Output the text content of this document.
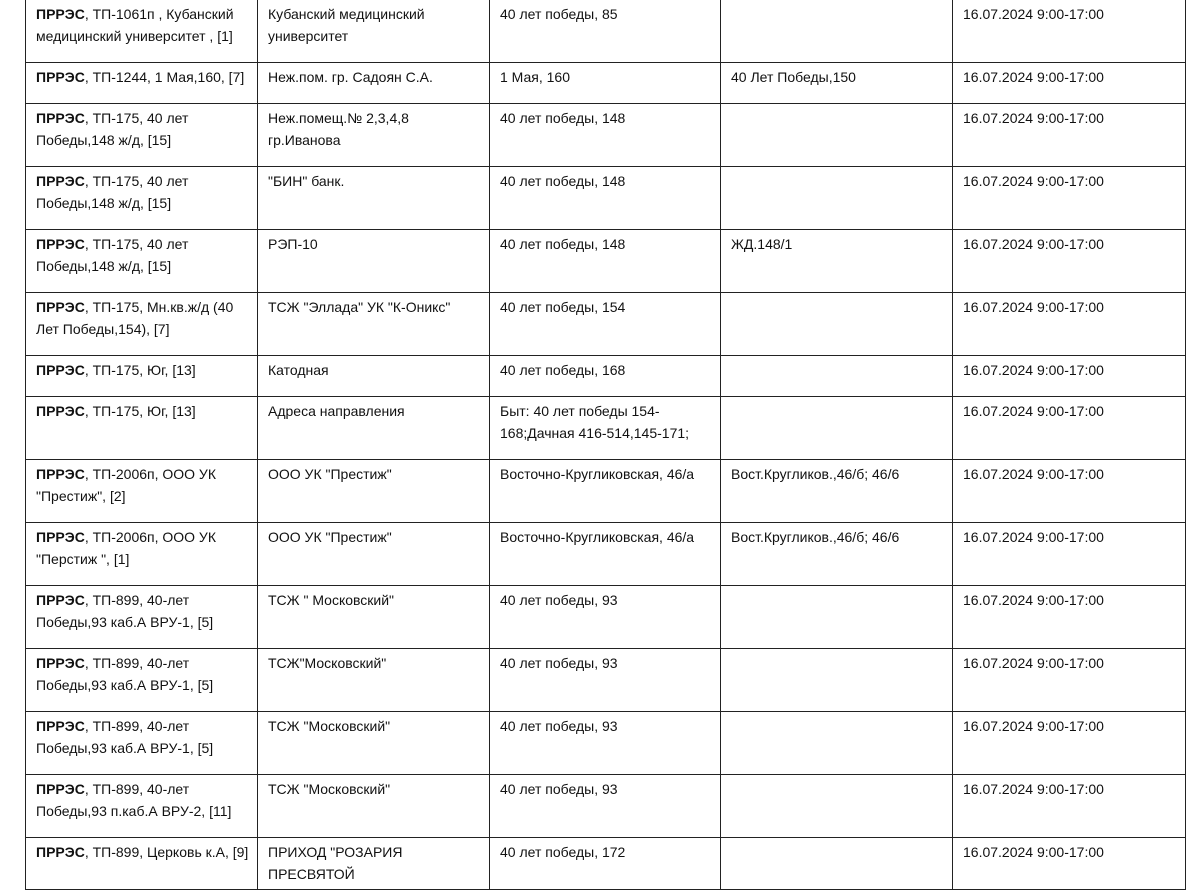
ПРРЭС, ТП-1061п , Кубанский медицинский университет , [1]	Кубанский медицинский университет	40 лет победы, 85		16.07.2024 9:00-17:00
ПРРЭС, ТП-1244, 1 Мая,160, [7]	Неж.пом. гр. Садоян С.А.	1 Мая, 160	40 Лет Победы,150	16.07.2024 9:00-17:00
ПРРЭС, ТП-175, 40 лет Победы,148 ж/д, [15]	Неж.помещ.№ 2,3,4,8 гр.Иванова	40 лет победы, 148		16.07.2024 9:00-17:00
ПРРЭС, ТП-175, 40 лет Победы,148 ж/д, [15]	"БИН" банк.	40 лет победы, 148		16.07.2024 9:00-17:00
ПРРЭС, ТП-175, 40 лет Победы,148 ж/д, [15]	РЭП-10	40 лет победы, 148	ЖД.148/1	16.07.2024 9:00-17:00
ПРРЭС, ТП-175, Мн.кв.ж/д (40 Лет Победы,154), [7]	ТСЖ "Эллада" УК "К-Оникс"	40 лет победы, 154		16.07.2024 9:00-17:00
ПРРЭС, ТП-175, Юг, [13]	Катодная	40 лет победы, 168		16.07.2024 9:00-17:00
ПРРЭС, ТП-175, Юг, [13]	Адреса направления	Быт: 40 лет победы 154-168;Дачная 416-514,145-171;		16.07.2024 9:00-17:00
ПРРЭС, ТП-2006п, ООО УК "Престиж", [2]	ООО УК "Престиж"	Восточно-Кругликовская, 46/а	Вост.Кругликов.,46/б; 46/6	16.07.2024 9:00-17:00
ПРРЭС, ТП-2006п, ООО УК "Перстиж ", [1]	ООО УК "Престиж"	Восточно-Кругликовская, 46/а	Вост.Кругликов.,46/б; 46/6	16.07.2024 9:00-17:00
ПРРЭС, ТП-899, 40-лет Победы,93 каб.А ВРУ-1, [5]	ТСЖ " Московский"	40 лет победы, 93		16.07.2024 9:00-17:00
ПРРЭС, ТП-899, 40-лет Победы,93 каб.А ВРУ-1, [5]	ТСЖ"Московский"	40 лет победы, 93		16.07.2024 9:00-17:00
ПРРЭС, ТП-899, 40-лет Победы,93 каб.А ВРУ-1, [5]	ТСЖ "Московский"	40 лет победы, 93		16.07.2024 9:00-17:00
ПРРЭС, ТП-899, 40-лет Победы,93 п.каб.А ВРУ-2, [11]	ТСЖ "Московский"	40 лет победы, 93		16.07.2024 9:00-17:00
ПРРЭС, ТП-899, Церковь к.А, [9]	ПРИХОД "РОЗАРИЯ ПРЕСВЯТОЙ	40 лет победы, 172		16.07.2024 9:00-17:00
